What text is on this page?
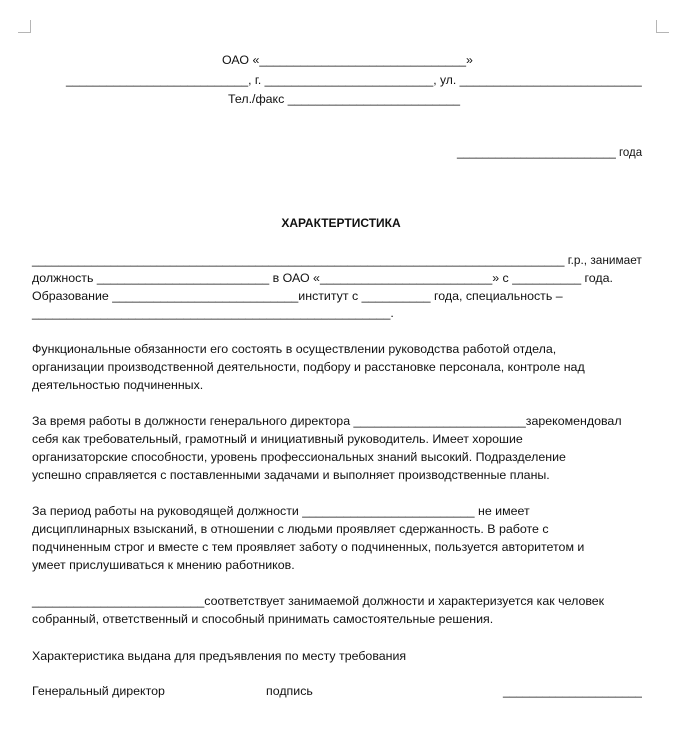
ОАО «______________________________»
___________________________, г. _________________________, ул. ___________________________
Тел./факс _________________________
_________________________ года
ХАРАКТЕРТИСТИКА
_________________________________________________________________________________ г.р., занимает
должность _________________________ в ОАО «_________________________» с __________ года.
Образование ___________________________институт с __________ года, специальность –
____________________________________________________.
Функциональные обязанности его состоять в осуществлении руководства работой отдела,
организации производственной деятельности, подбору и расстановке персонала, контроле над
деятельностью подчиненных.
За время работы в должности генерального директора _________________________зарекомендовал
себя как требовательный, грамотный и инициативный руководитель. Имеет хорошие
организаторские способности, уровень профессиональных знаний высокий. Подразделение
успешно справляется с поставленными задачами и выполняет производственные планы.
За период работы на руководящей должности _________________________ не имеет
дисциплинарных взысканий, в отношении с людьми проявляет сдержанность. В работе с
подчиненным строг и вместе с тем проявляет заботу о подчиненных, пользуется авторитетом и
умеет прислушиваться к мнению работников.
_________________________соответствует занимаемой должности и характеризуется как человек
собранный, ответственный и способный принимать самостоятельные решения.
Характеристика выдана для предъявления по месту требования
Генеральный директор	подпись	_____________________
